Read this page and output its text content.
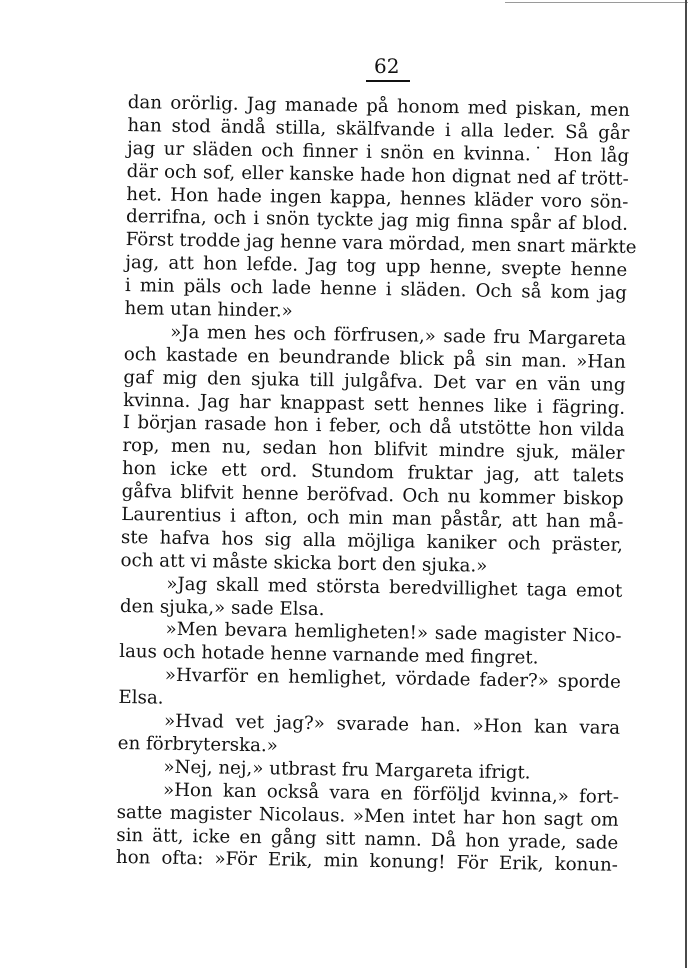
62

dan orörlig. Jag manade på honom med piskan, men
han stod ändå stilla, skälfvande i alla leder. Så går
jag ur släden och finner i snön en kvinna.˙ Hon låg
där och sof, eller kanske hade hon dignat ned af trött-
het. Hon hade ingen kappa, hennes kläder voro sön-
derrifna, och i snön tyckte jag mig finna spår af blod.
Först trodde jag henne vara mördad, men snart märkte
jag, att hon lefde. Jag tog upp henne, svepte henne
i min päls och lade henne i släden. Och så kom jag
hem utan hinder.»
»Ja men hes och förfrusen,» sade fru Margareta
och kastade en beundrande blick på sin man. »Han
gaf mig den sjuka till julgåfva. Det var en vän ung
kvinna. Jag har knappast sett hennes like i fägring.
I början rasade hon i feber, och då utstötte hon vilda
rop, men nu, sedan hon blifvit mindre sjuk, mäler
hon icke ett ord. Stundom fruktar jag, att talets
gåfva blifvit henne beröfvad. Och nu kommer biskop
Laurentius i afton, och min man påstår, att han må-
ste hafva hos sig alla möjliga kaniker och präster,
och att vi måste skicka bort den sjuka.»
»Jag skall med största beredvillighet taga emot
den sjuka,» sade Elsa.
»Men bevara hemligheten!» sade magister Nico-
laus och hotade henne varnande med fingret.
»Hvarför en hemlighet, vördade fader?» sporde
Elsa.
»Hvad vet jag?» svarade han. »Hon kan vara
en förbryterska.»
»Nej, nej,» utbrast fru Margareta ifrigt.
»Hon kan också vara en förföljd kvinna,» fort-
satte magister Nicolaus. »Men intet har hon sagt om
sin ätt, icke en gång sitt namn. Då hon yrade, sade
hon ofta: »För Erik, min konung! För Erik, konun-
